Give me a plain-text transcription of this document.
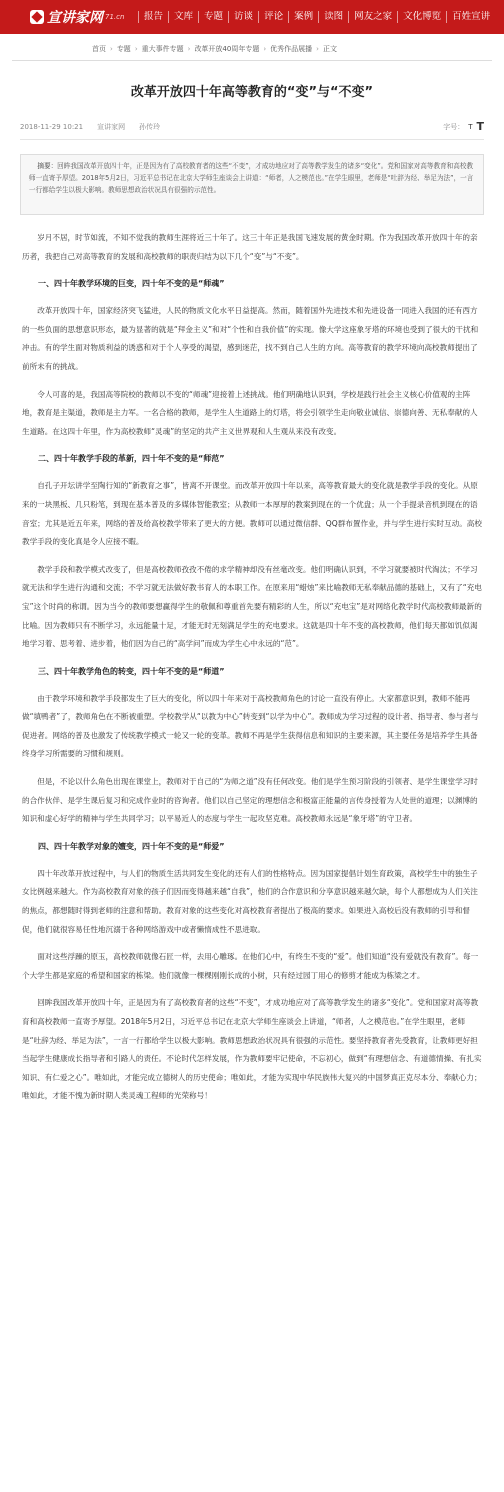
宣讲家网 71.cn	报告	文库	专题	访谈	评论	案例	读图	网友之家	文化博览	百姓宣讲
首页 › 专题 › 重大事件专题 › 改革开放40周年专题 › 优秀作品展播 › 正文
改革开放四十年高等教育的“变”与“不变”
2018-11-29 10:21 宣讲家网 孙传玲	字号： T T
摘要：回眸我国改革开放四十年，正是因为有了高校教育者的这些“不变”，才成功地应对了高等教学发生的诸多“变化”。党和国家对高等教育和高校教师一直寄予厚望。2018年5月2日，习近平总书记在北京大学师生座谈会上讲道：“师者，人之模范也。”在学生眼里，老师是“吐辞为经、举足为法”，一言一行都给学生以极大影响。教师思想政治状况具有很强的示范性。

岁月不居，时节如流，不知不觉我的教师生涯将近三十年了。这三十年正是我国飞速发展的黄金时期。作为我国改革开放四十年的亲历者，我把自己对高等教育的发展和高校教师的职责归结为以下几个“变”与“不变”。

一、四十年教学环境的巨变，四十年不变的是“师魂”

改革开放四十年，国家经济突飞猛进，人民的物质文化水平日益提高。然而，随着国外先进技术和先进设备一同进入我国的还有西方的一些负面的思想意识形态，最为显著的就是“拜金主义”和对“个性和自我价值”的实现。像大学这座象牙塔的环境也受到了很大的干扰和冲击。有的学生面对物质利益的诱惑和对于个人享受的渴望，感到迷茫，找不到自己人生的方向。高等教育的教学环境向高校教师提出了前所未有的挑战。

令人可喜的是，我国高等院校的教师以不变的“师魂”迎接着上述挑战。他们明确地认识到，学校是践行社会主义核心价值观的主阵地，教育是主渠道，教师是主力军。一名合格的教师，是学生人生道路上的灯塔，将会引领学生走向敬业诚信、崇德向善、无私奉献的人生道路。在这四十年里，作为高校教师“灵魂”的坚定的共产主义世界观和人生观从来没有改变。

二、四十年教学手段的革新，四十年不变的是“师范”

自孔子开坛讲学至陶行知的“新教育之事”，皆离不开课堂。而改革开放四十年以来，高等教育最大的变化就是教学手段的变化。从原来的一块黑板、几只粉笔，到现在基本普及的多媒体智能教室；从教师一本厚厚的教案到现在的一个优盘；从一个手提录音机到现在的语音室；尤其是近五年来，网络的普及给高校教学带来了更大的方便。教师可以通过微信群、QQ群布置作业，并与学生进行实时互动。高校教学手段的变化真是令人应接不暇。

教学手段和教学模式改变了，但是高校教师孜孜不倦的求学精神却没有丝毫改变。他们明确认识到，不学习就要被时代淘汰；不学习就无法和学生进行沟通和交流；不学习就无法做好教书育人的本职工作。在原来用“蜡烛”来比喻教师无私奉献品德的基础上，又有了“充电宝”这个时尚的称谓。因为当今的教师要想赢得学生的敬佩和尊重首先要有精彩的人生，所以“充电宝”是对网络化教学时代高校教师最新的比喻。因为教师只有不断学习，永远能量十足，才能无时无刻满足学生的充电要求。这就是四十年不变的高校教师，他们每天都如饥似渴地学习着、思考着、进步着，他们因为自己的“高学问”而成为学生心中永远的“范”。

三、四十年教学角色的转变，四十年不变的是“师道”

由于教学环境和教学手段都发生了巨大的变化，所以四十年来对于高校教师角色的讨论一直没有停止。大家都意识到，教师不能再做“填鸭者”了，教师角色在不断被重塑。学校教学从“以教为中心”转变到“以学为中心”。教师成为学习过程的设计者、指导者、参与者与促进者。网络的普及也激发了传统教学模式一轮又一轮的变革。教师不再是学生获得信息和知识的主要来源，其主要任务是培养学生具备终身学习所需要的习惯和规则。

但是，不论以什么角色出现在课堂上，教师对于自己的“为师之道”没有任何改变。他们是学生预习阶段的引领者、是学生课堂学习时的合作伙伴、是学生课后复习和完成作业时的咨询者。他们以自己坚定的理想信念和极富正能量的言传身授着为人处世的道理；以渊博的知识和虚心好学的精神与学生共同学习；以平易近人的态度与学生一起攻坚克难。高校教师永远是“象牙塔”的守卫者。

四、四十年教学对象的嬗变，四十年不变的是“师爱”

四十年改革开放过程中，与人们的物质生活共同发生变化的还有人们的性格特点。因为国家提倡计划生育政策，高校学生中的独生子女比例越来越大。作为高校教育对象的孩子们因而变得越来越“自我”，他们的合作意识和分享意识越来越欠缺，每个人都想成为人们关注的焦点，都想随时得到老师的注意和帮助。教育对象的这些变化对高校教育者提出了极高的要求。如果进入高校后没有教师的引导和督促，他们就很容易任性地沉溺于各种网络游戏中或者懒惰成性不思进取。

面对这些浮躁的原玉，高校教师就像石匠一样，去用心雕琢。在他们心中，有终生不变的“爱”。他们知道“没有爱就没有教育”。每一个大学生都是家庭的希望和国家的栋梁。他们就像一棵棵刚刚长成的小树，只有经过园丁用心的修剪才能成为栋梁之才。

回眸我国改革开放四十年，正是因为有了高校教育者的这些“不变”，才成功地应对了高等教学发生的诸多“变化”。党和国家对高等教育和高校教师一直寄予厚望。2018年5月2日，习近平总书记在北京大学师生座谈会上讲道，“师者，人之模范也。”在学生眼里，老师是“吐辞为经、举足为法”，一言一行都给学生以极大影响。教师思想政治状况具有很强的示范性。要坚持教育者先受教育，让教师更好担当起学生健康成长指导者和引路人的责任。不论时代怎样发展，作为教师要牢记使命，不忘初心，做到“有理想信念、有道德情操、有扎实知识、有仁爱之心”。唯如此，才能完成立德树人的历史使命；唯如此，才能为实现中华民族伟大复兴的中国梦真正克尽本分、奉献心力；唯如此，才能不愧为新时期人类灵魂工程师的光荣称号！
